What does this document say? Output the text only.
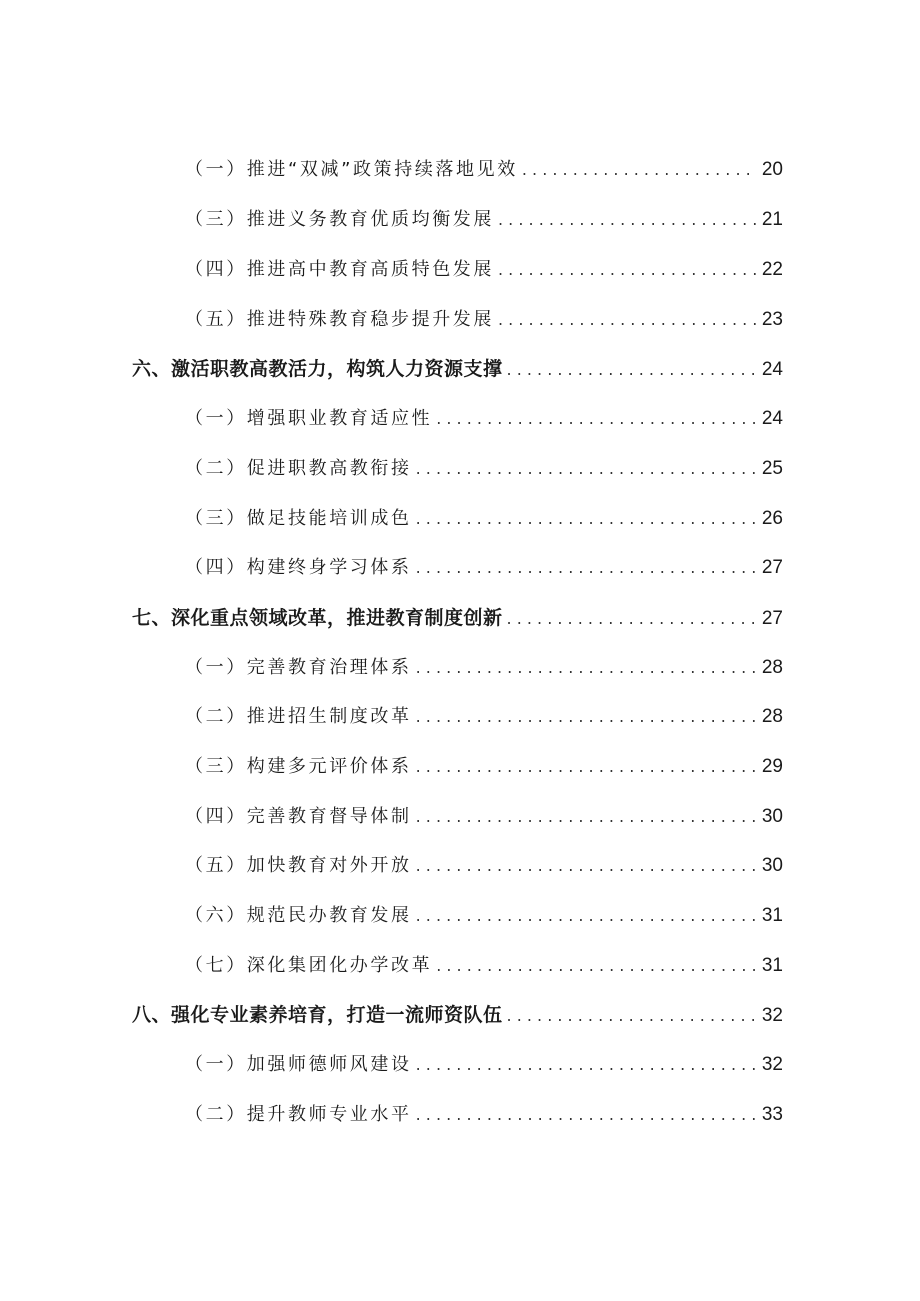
（一）推进“双减”政策持续落地见效 . . .	20
（三）推进义务教育优质均衡发展 . . .	21
（四）推进高中教育高质特色发展 . . .	22
（五）推进特殊教育稳步提升发展 . . .	23
六、激活职教高教活力，构筑人力资源支撑 . . .	24
（一）增强职业教育适应性 . . .	24
（二）促进职教高教衔接 . . .	25
（三）做足技能培训成色 . . .	26
（四）构建终身学习体系 . . .	27
七、深化重点领域改革，推进教育制度创新 . . .	27
（一）完善教育治理体系 . . .	28
（二）推进招生制度改革 . . .	28
（三）构建多元评价体系 . . .	29
（四）完善教育督导体制 . . .	30
（五）加快教育对外开放 . . .	30
（六）规范民办教育发展 . . .	31
（七）深化集团化办学改革 . . .	31
八、强化专业素养培育，打造一流师资队伍 . . .	32
（一）加强师德师风建设 . . .	32
（二）提升教师专业水平 . . .	33
